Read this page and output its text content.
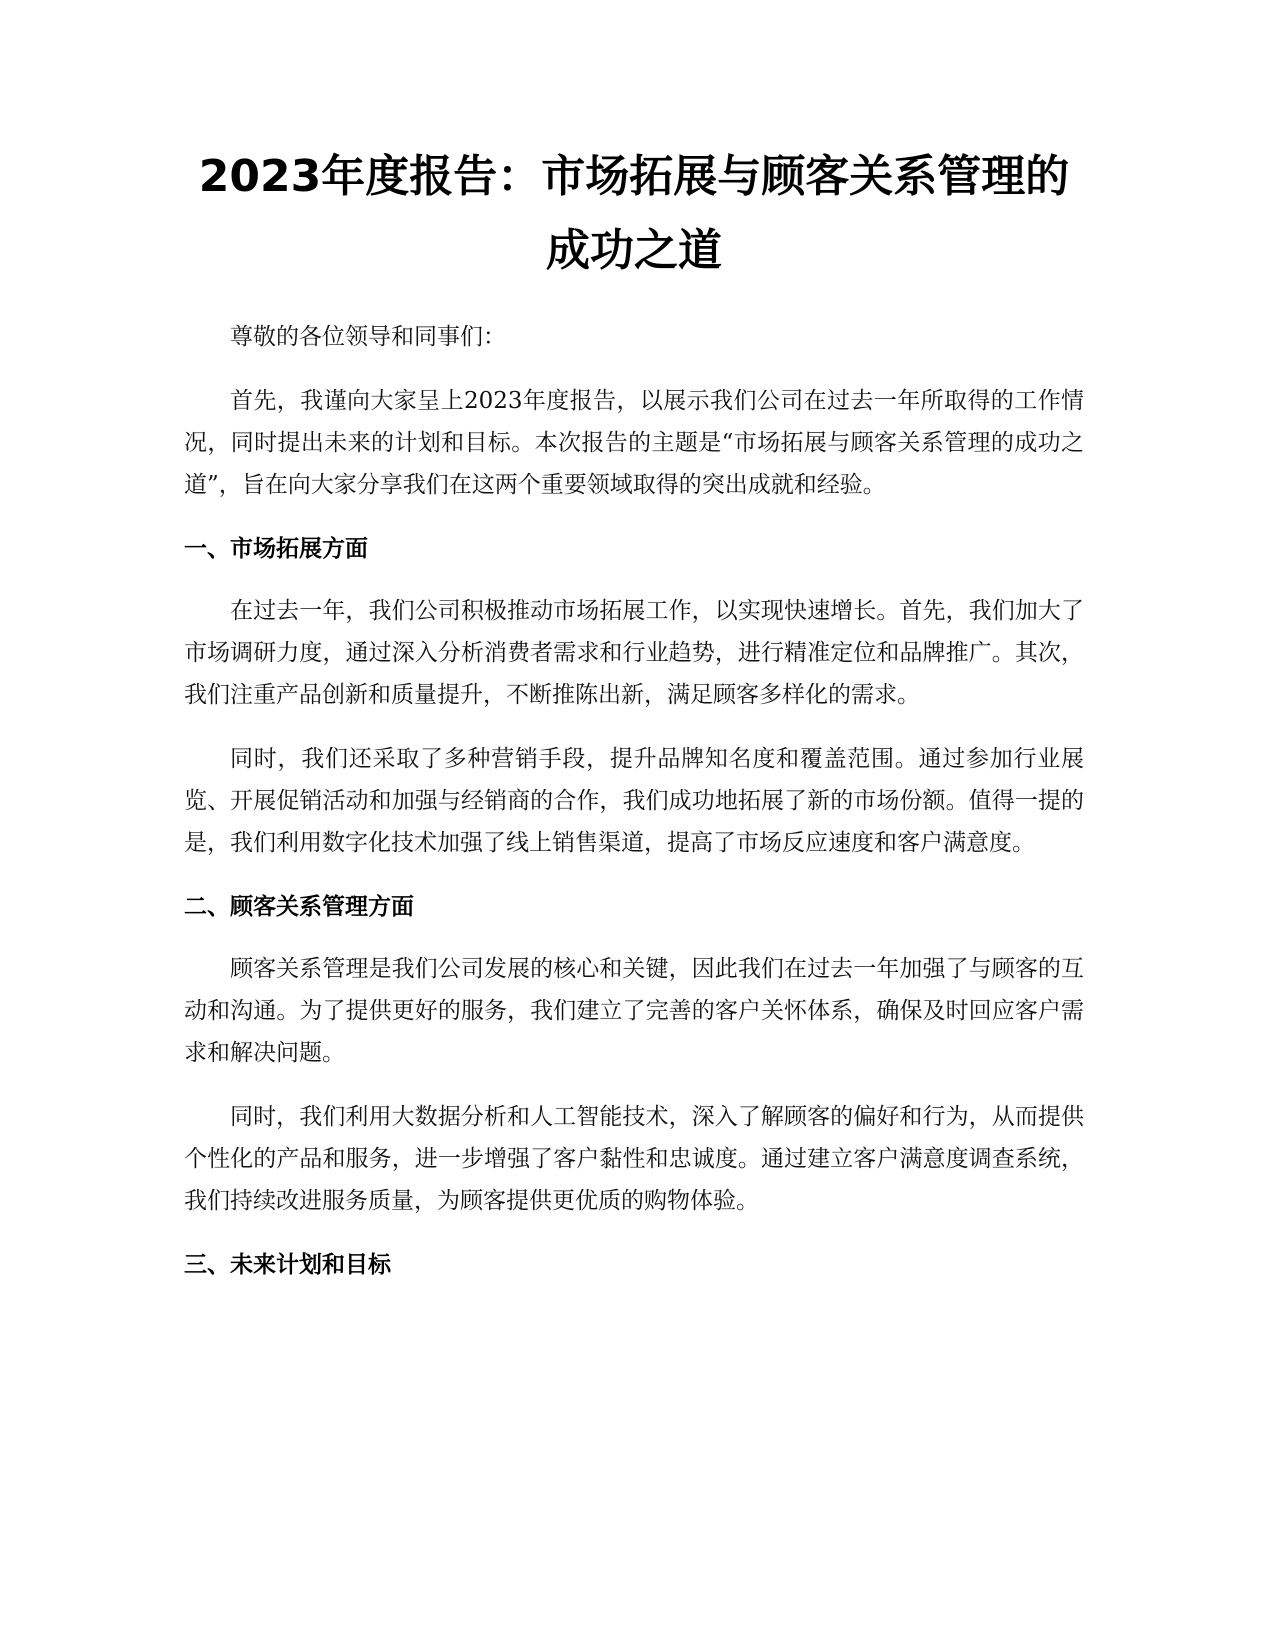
2023年度报告：市场拓展与顾客关系管理的成功之道

尊敬的各位领导和同事们：

首先，我谨向大家呈上2023年度报告，以展示我们公司在过去一年所取得的工作情况，同时提出未来的计划和目标。本次报告的主题是“市场拓展与顾客关系管理的成功之道”，旨在向大家分享我们在这两个重要领域取得的突出成就和经验。

一、市场拓展方面

在过去一年，我们公司积极推动市场拓展工作，以实现快速增长。首先，我们加大了市场调研力度，通过深入分析消费者需求和行业趋势，进行精准定位和品牌推广。其次，我们注重产品创新和质量提升，不断推陈出新，满足顾客多样化的需求。

同时，我们还采取了多种营销手段，提升品牌知名度和覆盖范围。通过参加行业展览、开展促销活动和加强与经销商的合作，我们成功地拓展了新的市场份额。值得一提的是，我们利用数字化技术加强了线上销售渠道，提高了市场反应速度和客户满意度。

二、顾客关系管理方面

顾客关系管理是我们公司发展的核心和关键，因此我们在过去一年加强了与顾客的互动和沟通。为了提供更好的服务，我们建立了完善的客户关怀体系，确保及时回应客户需求和解决问题。

同时，我们利用大数据分析和人工智能技术，深入了解顾客的偏好和行为，从而提供个性化的产品和服务，进一步增强了客户黏性和忠诚度。通过建立客户满意度调查系统，我们持续改进服务质量，为顾客提供更优质的购物体验。

三、未来计划和目标
